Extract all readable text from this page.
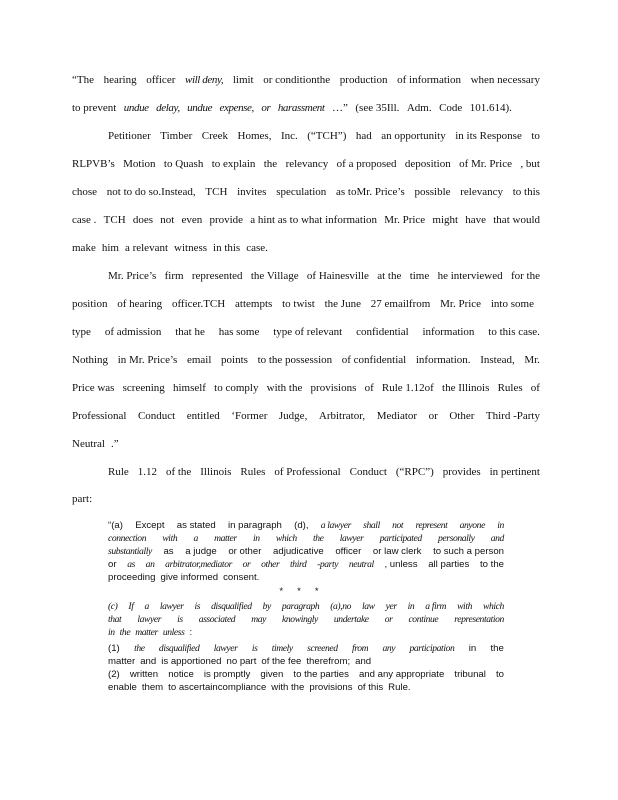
“The hearing officer will deny, limit or conditionthe production of information when necessary
to prevent undue delay, undue expense, or harassment …” (see 35Ill. Adm. Code 101.614).
Petitioner Timber Creek Homes, Inc. (“TCH”) had an opportunity in its Response to
RLPVB’s Motion to Quash to explain the relevancy of a proposed deposition of Mr. Price , but
chose not to do so.Instead, TCH invites speculation as toMr. Price’s possible relevancy to this
case . TCH does not even provide a hint as to what information Mr. Price might have that would
make him a relevant witness in this case.
Mr. Price’s firm represented the Village of Hainesville at the time he interviewed for the
position of hearing officer.TCH attempts to twist the June 27 emailfrom Mr. Price into some
type of admission that he has some type of relevant confidential information to this case.
Nothing in Mr. Price’s email points to the possession of confidential information. Instead, Mr.
Price was screening himself to comply with the provisions of Rule 1.12of the Illinois Rules of
Professional Conduct entitled ‘Former Judge, Arbitrator, Mediator or Other Third -Party
Neutral .”
Rule 1.12 of the Illinois Rules of Professional Conduct (“RPC”) provides in pertinent
part:
“(a) Except as stated in paragraph (d), a lawyer shall not represent anyone in
connection with a matter in which the lawyer participated personally and
substantially as a judge or other adjudicative officer or law clerk to such a person
or as an arbitrator,mediator or other third -party neutral , unless all parties to the
proceeding give informed consent.
* * *
(c) If a lawyer is disqualified by paragraph (a),no law yer in a firm with which
that lawyer is associated may knowingly undertake or continue representation
in the matter unless :
(1) the disqualified lawyer is timely screened from any participation in the
matter and is apportioned no part of the fee therefrom; and
(2) written notice is promptly given to the parties and any appropriate tribunal to
enable them to ascertaincompliance with the provisions of this Rule.
